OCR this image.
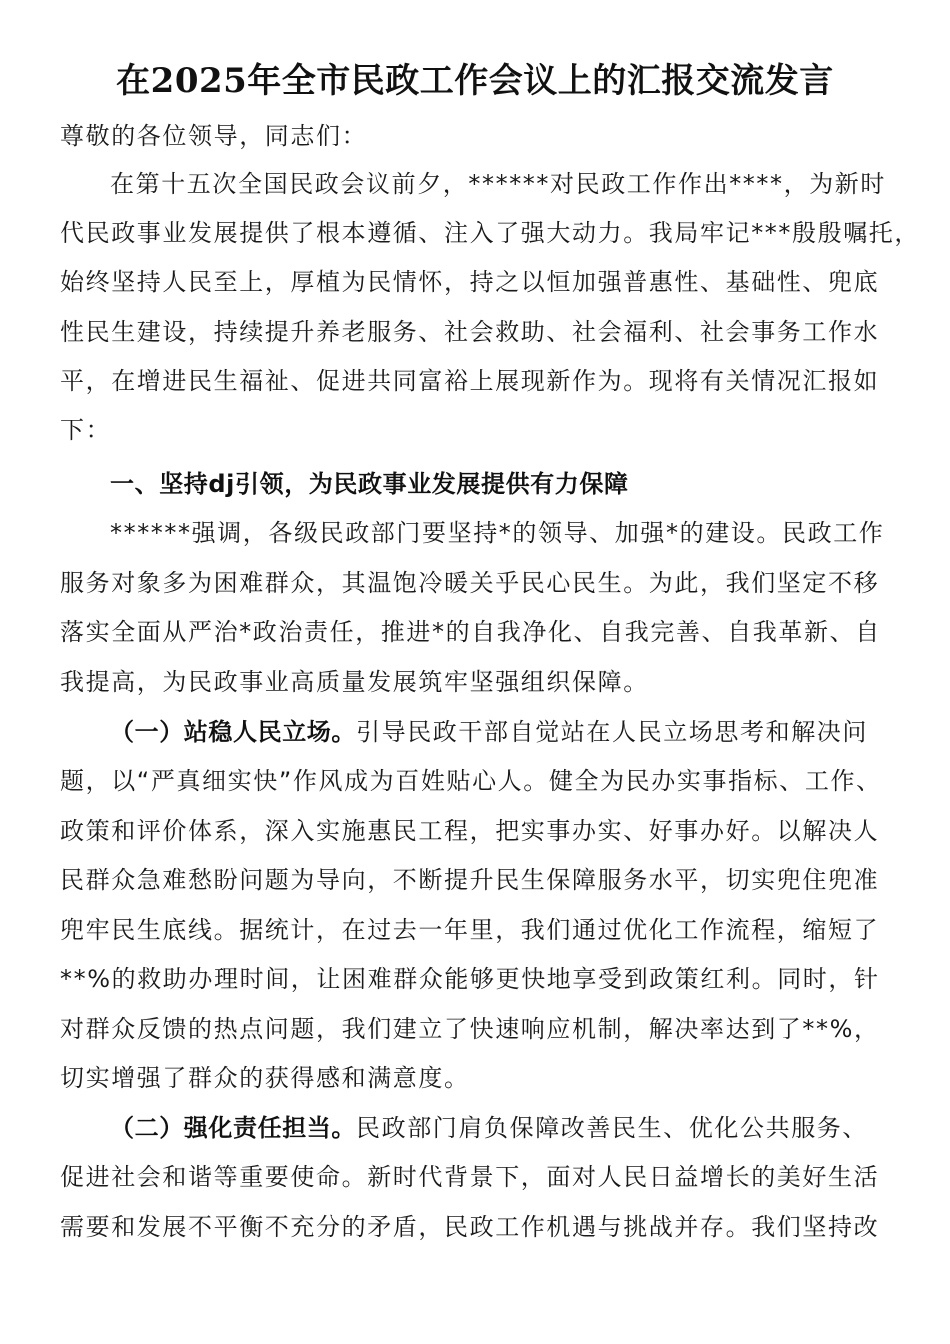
在2025年全市民政工作会议上的汇报交流发言

尊敬的各位领导，同志们：

在第十五次全国民政会议前夕，******对民政工作作出****，为新时

代民政事业发展提供了根本遵循、注入了强大动力。我局牢记***殷殷嘱托，

始终坚持人民至上，厚植为民情怀，持之以恒加强普惠性、基础性、兜底

性民生建设，持续提升养老服务、社会救助、社会福利、社会事务工作水

平，在增进民生福祉、促进共同富裕上展现新作为。现将有关情况汇报如

下：

一、坚持dj引领，为民政事业发展提供有力保障

******强调，各级民政部门要坚持*的领导、加强*的建设。民政工作

服务对象多为困难群众，其温饱冷暖关乎民心民生。为此，我们坚定不移

落实全面从严治*政治责任，推进*的自我净化、自我完善、自我革新、自

我提高，为民政事业高质量发展筑牢坚强组织保障。

（一）站稳人民立场。引导民政干部自觉站在人民立场思考和解决问

题，以“严真细实快”作风成为百姓贴心人。健全为民办实事指标、工作、

政策和评价体系，深入实施惠民工程，把实事办实、好事办好。以解决人

民群众急难愁盼问题为导向，不断提升民生保障服务水平，切实兜住兜准

兜牢民生底线。据统计，在过去一年里，我们通过优化工作流程，缩短了

**%的救助办理时间，让困难群众能够更快地享受到政策红利。同时，针

对群众反馈的热点问题，我们建立了快速响应机制，解决率达到了**%，

切实增强了群众的获得感和满意度。

（二）强化责任担当。民政部门肩负保障改善民生、优化公共服务、

促进社会和谐等重要使命。新时代背景下，面对人民日益增长的美好生活

需要和发展不平衡不充分的矛盾，民政工作机遇与挑战并存。我们坚持改
